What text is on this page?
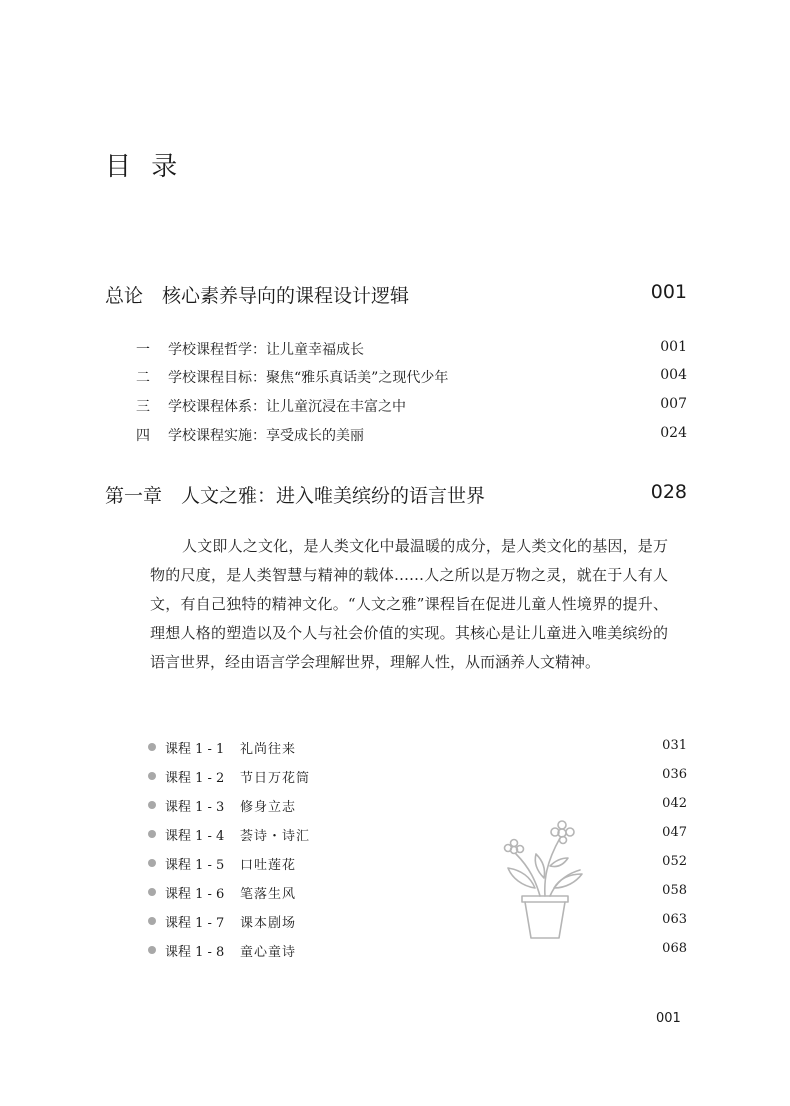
目 录
总论　核心素养导向的课程设计逻辑	001
一 学校课程哲学：让儿童幸福成长	001
二 学校课程目标：聚焦“雅乐真话美”之现代少年	004
三 学校课程体系：让儿童沉浸在丰富之中	007
四 学校课程实施：享受成长的美丽	024
第一章　人文之雅：进入唯美缤纷的语言世界	028
人文即人之文化，是人类文化中最温暖的成分，是人类文化的基因，是万物的尺度，是人类智慧与精神的载体……人之所以是万物之灵，就在于人有人文，有自己独特的精神文化。“人文之雅”课程旨在促进儿童人性境界的提升、理想人格的塑造以及个人与社会价值的实现。其核心是让儿童进入唯美缤纷的语言世界，经由语言学会理解世界，理解人性，从而涵养人文精神。
课程 1 - 1 礼尚往来	031
课程 1 - 2 节日万花筒	036
课程 1 - 3 修身立志	042
课程 1 - 4 荟诗・诗汇	047
课程 1 - 5 口吐莲花	052
课程 1 - 6 笔落生风	058
课程 1 - 7 课本剧场	063
课程 1 - 8 童心童诗	068
001
